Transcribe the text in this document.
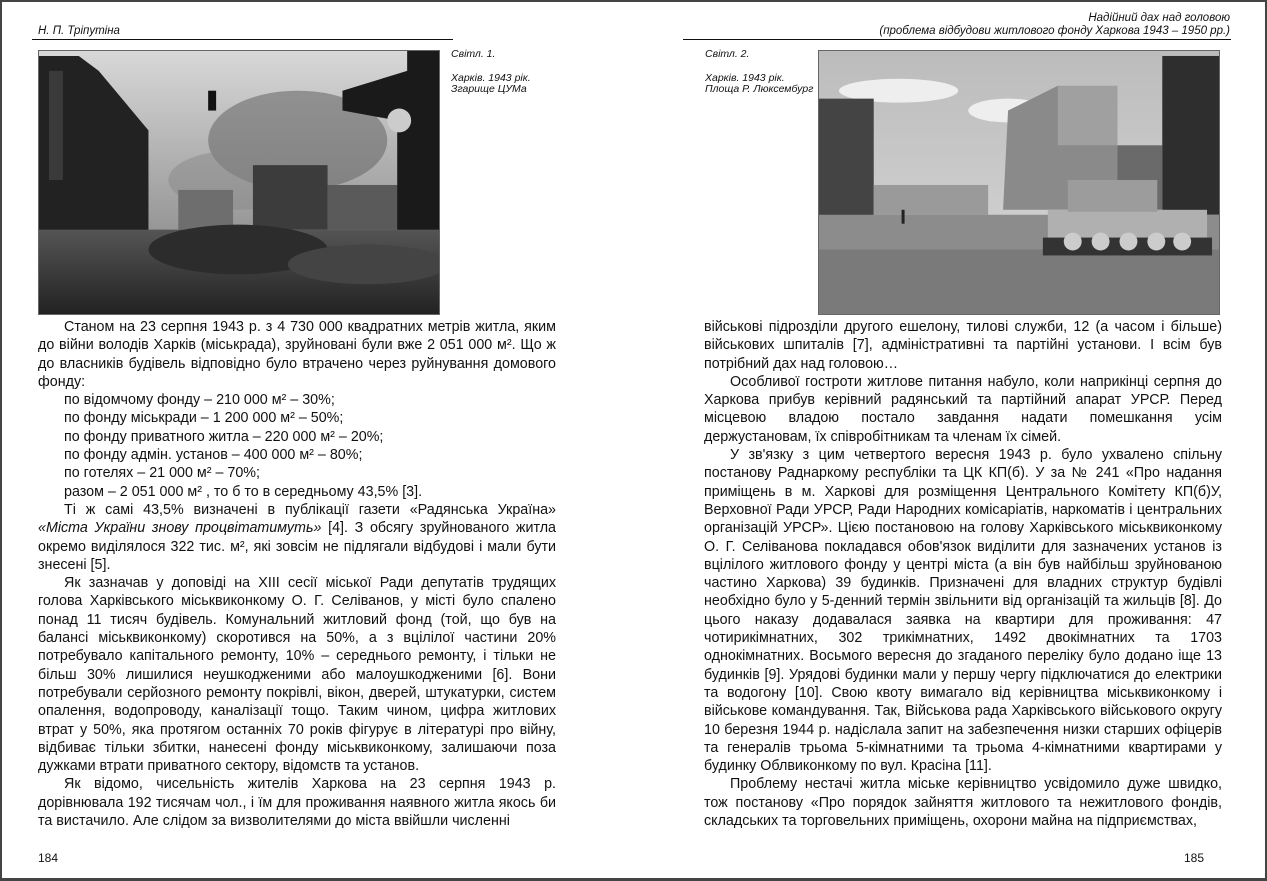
Н. П. Тріпутіна
Світл. 1.
Харків. 1943 рік.
Згарище ЦУМа

Станом на 23 серпня 1943 р. з 4 730 000 квадратних метрів житла, яким до війни володів Харків (міськрада), зруйновані були вже 2 051 000 м². Що ж до власників будівель відповідно було втрачено через руйнування домового фонду:

по відомчому фонду – 210 000 м² – 30%;

по фонду міськради – 1 200 000 м² – 50%;

по фонду приватного житла – 220 000 м² – 20%;

по фонду адмін. установ – 400 000 м² – 80%;

по готелях – 21 000 м² – 70%;

разом – 2 051 000 м² , то б то в середньому 43,5% [3].

Ті ж самі 43,5% визначені в публікації газети «Радянська Україна» «Міста України знову процвітатимуть» [4]. З обсягу зруйнованого житла окремо виділялося 322 тис. м², які зовсім не підлягали відбудові і мали бути знесені [5].

Як зазначав у доповіді на XIII сесії міської Ради депутатів трудящих голова Харківського міськвиконкому О. Г. Селіванов, у місті було спалено понад 11 тисяч будівель. Комунальний житловий фонд (той, що був на балансі міськвиконкому) скоротився на 50%, а з вцілілої частини 20% потребувало капітального ремонту, 10% – середнього ремонту, і тільки не більш 30% лишилися неушкодженими або малоушкодженими [6]. Вони потребували серйозного ремонту покрівлі, вікон, дверей, штукатурки, систем опалення, водопроводу, каналізації тощо. Таким чином, цифра житлових втрат у 50%, яка протягом останніх 70 років фігурує в літературі про війну, відбиває тільки збитки, нанесені фонду міськвиконкому, залишаючи поза дужками втрати приватного сектору, відомств та установ.

Як відомо, чисельність жителів Харкова на 23 серпня 1943 р. дорівнювала 192 тисячам чол., і їм для проживання наявного житла якось би та вистачило. Але слідом за визволителями до міста ввійшли численні

184
Надійний дах над головою
(проблема відбудови житлового фонду Харкова 1943 – 1950 рр.)
Світл. 2.
Харків. 1943 рік.
Площа Р. Люксембург

військові підрозділи другого ешелону, тилові служби, 12 (а часом і більше) військових шпиталів [7], адміністративні та партійні установи. І всім був потрібний дах над головою…

Особливої гостроти житлове питання набуло, коли наприкінці серпня до Харкова прибув керівний радянський та партійний апарат УРСР. Перед місцевою владою постало завдання надати помешкання усім держустановам, їх співробітникам та членам їх сімей.

У зв'язку з цим четвертого вересня 1943 р. було ухвалено спільну постанову Раднаркому республіки та ЦК КП(б). У за № 241 «Про надання приміщень в м. Харкові для розміщення Центрального Комітету КП(б)У, Верховної Ради УРСР, Ради Народних комісаріатів, наркоматів і центральних організацій УРСР». Цією постановою на голову Харківського міськвиконкому О. Г. Селіванова покладався обов'язок виділити для зазначених установ із вцілілого житлового фонду у центрі міста (а він був найбільш зруйнованою частино Харкова) 39 будинків. Призначені для владних структур будівлі необхідно було у 5-денний термін звільнити від організацій та жильців [8]. До цього наказу додавалася заявка на квартири для проживання: 47 чотирикімнатних, 302 трикімнатних, 1492 двокімнатних та 1703 однокімнатних. Восьмого вересня до згаданого переліку було додано іще 13 будинків [9]. Урядові будинки мали у першу чергу підключатися до електрики та водогону [10]. Свою квоту вимагало від керівництва міськвиконкому і військове командування. Так, Військова рада Харківського військового округу 10 березня 1944 р. надіслала запит на забезпечення низки старших офіцерів та генералів трьома 5-кімнатними та трьома 4-кімнатними квартирами у будинку Облвиконкому по вул. Красіна [11].

Проблему нестачі житла міське керівництво усвідомило дуже швидко, тож постанову «Про порядок зайняття житлового та нежитлового фондів, складських та торговельних приміщень, охорони майна на підприємствах,

185
